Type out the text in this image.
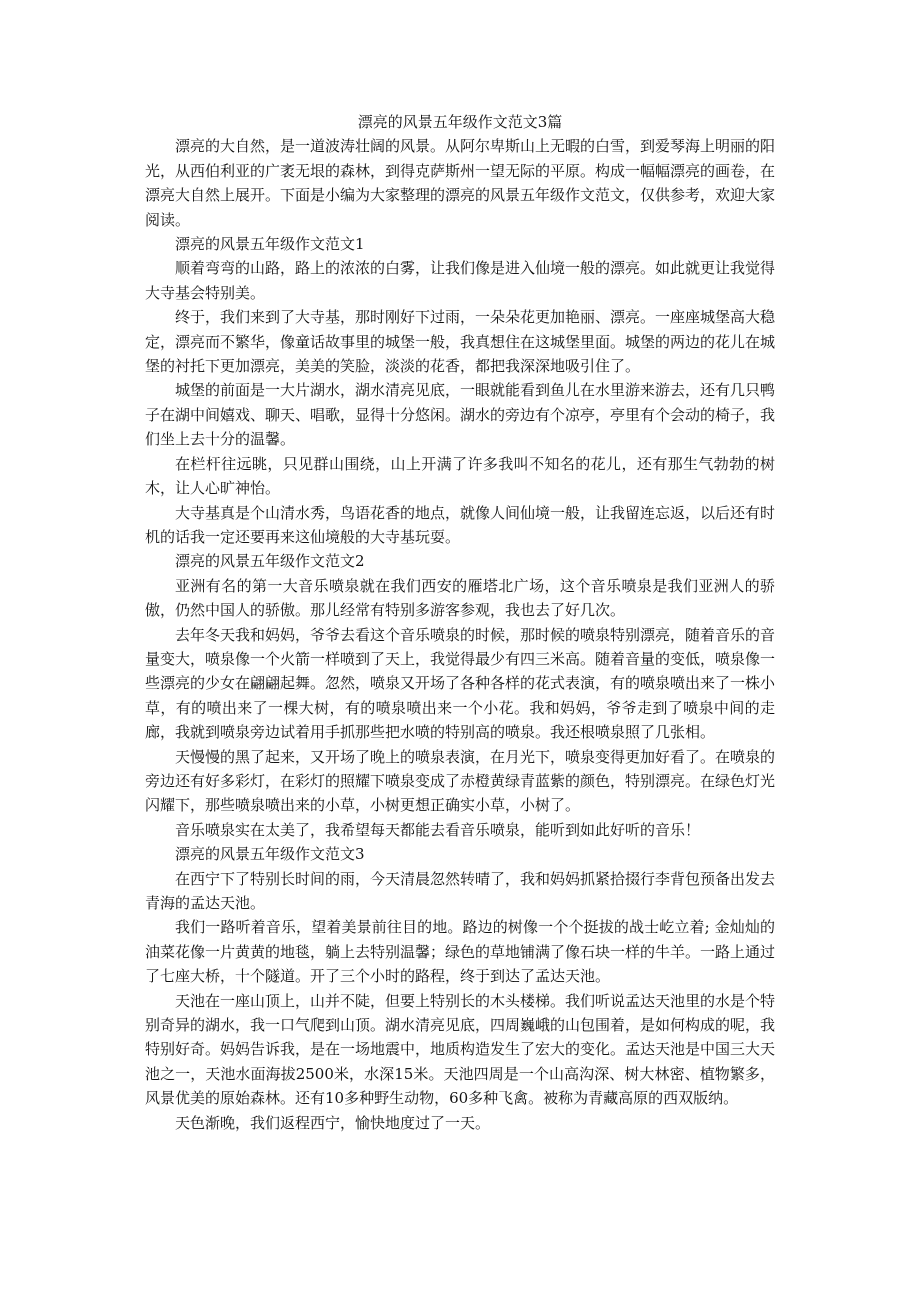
漂亮的风景五年级作文范文3篇

漂亮的大自然，是一道波涛壮阔的风景。从阿尔卑斯山上无暇的白雪，到爱琴海上明丽的阳光，从西伯利亚的广袤无垠的森林，到得克萨斯州一望无际的平原。构成一幅幅漂亮的画卷，在漂亮大自然上展开。下面是小编为大家整理的漂亮的风景五年级作文范文，仅供参考，欢迎大家阅读。

漂亮的风景五年级作文范文1

顺着弯弯的山路，路上的浓浓的白雾，让我们像是进入仙境一般的漂亮。如此就更让我觉得大寺基会特别美。

终于，我们来到了大寺基，那时刚好下过雨，一朵朵花更加艳丽、漂亮。一座座城堡高大稳定，漂亮而不繁华，像童话故事里的城堡一般，我真想住在这城堡里面。城堡的两边的花儿在城堡的衬托下更加漂亮，美美的笑脸，淡淡的花香，都把我深深地吸引住了。

城堡的前面是一大片湖水，湖水清亮见底，一眼就能看到鱼儿在水里游来游去，还有几只鸭子在湖中间嬉戏、聊天、唱歌，显得十分悠闲。湖水的旁边有个凉亭，亭里有个会动的椅子，我们坐上去十分的温馨。

在栏杆往远眺，只见群山围绕，山上开满了许多我叫不知名的花儿，还有那生气勃勃的树木，让人心旷神怡。

大寺基真是个山清水秀，鸟语花香的地点，就像人间仙境一般，让我留连忘返，以后还有时机的话我一定还要再来这仙境般的大寺基玩耍。

漂亮的风景五年级作文范文2

亚洲有名的第一大音乐喷泉就在我们西安的雁塔北广场，这个音乐喷泉是我们亚洲人的骄傲，仍然中国人的骄傲。那儿经常有特别多游客参观，我也去了好几次。

去年冬天我和妈妈，爷爷去看这个音乐喷泉的时候，那时候的喷泉特别漂亮，随着音乐的音量变大，喷泉像一个火箭一样喷到了天上，我觉得最少有四三米高。随着音量的变低，喷泉像一些漂亮的少女在翩翩起舞。忽然，喷泉又开场了各种各样的花式表演，有的喷泉喷出来了一株小草，有的喷出来了一棵大树，有的喷泉喷出来一个小花。我和妈妈，爷爷走到了喷泉中间的走廊，我就到喷泉旁边试着用手抓那些把水喷的特别高的喷泉。我还根喷泉照了几张相。

天慢慢的黑了起来，又开场了晚上的喷泉表演，在月光下，喷泉变得更加好看了。在喷泉的旁边还有好多彩灯，在彩灯的照耀下喷泉变成了赤橙黄绿青蓝紫的颜色，特别漂亮。在绿色灯光闪耀下，那些喷泉喷出来的小草，小树更想正确实小草，小树了。

音乐喷泉实在太美了，我希望每天都能去看音乐喷泉，能听到如此好听的音乐！

漂亮的风景五年级作文范文3

在西宁下了特别长时间的雨，今天清晨忽然转晴了，我和妈妈抓紧拾掇行李背包预备出发去青海的孟达天池。

我们一路听着音乐，望着美景前往目的地。路边的树像一个个挺拔的战士屹立着; 金灿灿的油菜花像一片黄黄的地毯，躺上去特别温馨；绿色的草地铺满了像石块一样的牛羊。一路上通过了七座大桥，十个隧道。开了三个小时的路程，终于到达了孟达天池。

天池在一座山顶上，山并不陡，但要上特别长的木头楼梯。我们听说孟达天池里的水是个特别奇异的湖水，我一口气爬到山顶。湖水清亮见底，四周巍峨的山包围着，是如何构成的呢，我特别好奇。妈妈告诉我，是在一场地震中，地质构造发生了宏大的变化。孟达天池是中国三大天池之一，天池水面海拔2500米，水深15米。天池四周是一个山高沟深、树大林密、植物繁多，风景优美的原始森林。还有10多种野生动物，60多种飞禽。被称为青藏高原的西双版纳。

天色渐晚，我们返程西宁，愉快地度过了一天。
